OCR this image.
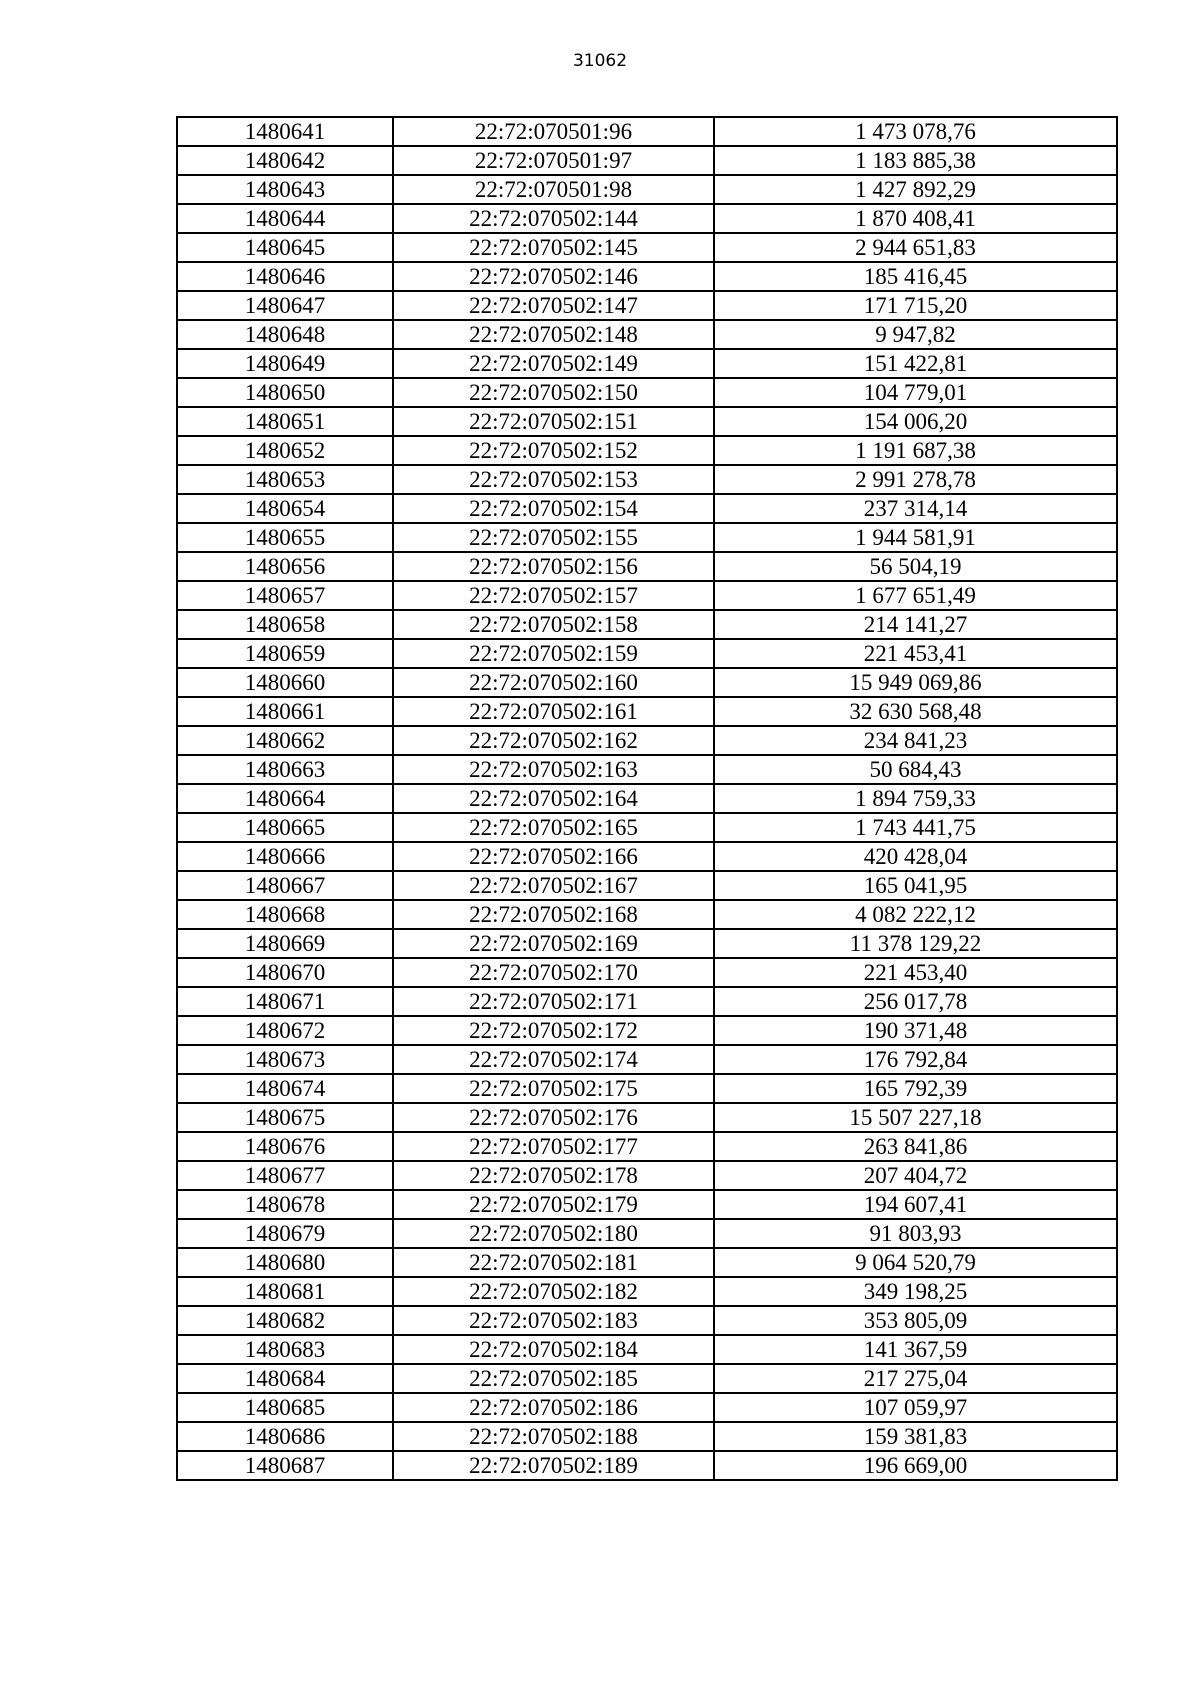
31062
1480641	22:72:070501:96	1 473 078,76
1480642	22:72:070501:97	1 183 885,38
1480643	22:72:070501:98	1 427 892,29
1480644	22:72:070502:144	1 870 408,41
1480645	22:72:070502:145	2 944 651,83
1480646	22:72:070502:146	185 416,45
1480647	22:72:070502:147	171 715,20
1480648	22:72:070502:148	9 947,82
1480649	22:72:070502:149	151 422,81
1480650	22:72:070502:150	104 779,01
1480651	22:72:070502:151	154 006,20
1480652	22:72:070502:152	1 191 687,38
1480653	22:72:070502:153	2 991 278,78
1480654	22:72:070502:154	237 314,14
1480655	22:72:070502:155	1 944 581,91
1480656	22:72:070502:156	56 504,19
1480657	22:72:070502:157	1 677 651,49
1480658	22:72:070502:158	214 141,27
1480659	22:72:070502:159	221 453,41
1480660	22:72:070502:160	15 949 069,86
1480661	22:72:070502:161	32 630 568,48
1480662	22:72:070502:162	234 841,23
1480663	22:72:070502:163	50 684,43
1480664	22:72:070502:164	1 894 759,33
1480665	22:72:070502:165	1 743 441,75
1480666	22:72:070502:166	420 428,04
1480667	22:72:070502:167	165 041,95
1480668	22:72:070502:168	4 082 222,12
1480669	22:72:070502:169	11 378 129,22
1480670	22:72:070502:170	221 453,40
1480671	22:72:070502:171	256 017,78
1480672	22:72:070502:172	190 371,48
1480673	22:72:070502:174	176 792,84
1480674	22:72:070502:175	165 792,39
1480675	22:72:070502:176	15 507 227,18
1480676	22:72:070502:177	263 841,86
1480677	22:72:070502:178	207 404,72
1480678	22:72:070502:179	194 607,41
1480679	22:72:070502:180	91 803,93
1480680	22:72:070502:181	9 064 520,79
1480681	22:72:070502:182	349 198,25
1480682	22:72:070502:183	353 805,09
1480683	22:72:070502:184	141 367,59
1480684	22:72:070502:185	217 275,04
1480685	22:72:070502:186	107 059,97
1480686	22:72:070502:188	159 381,83
1480687	22:72:070502:189	196 669,00
